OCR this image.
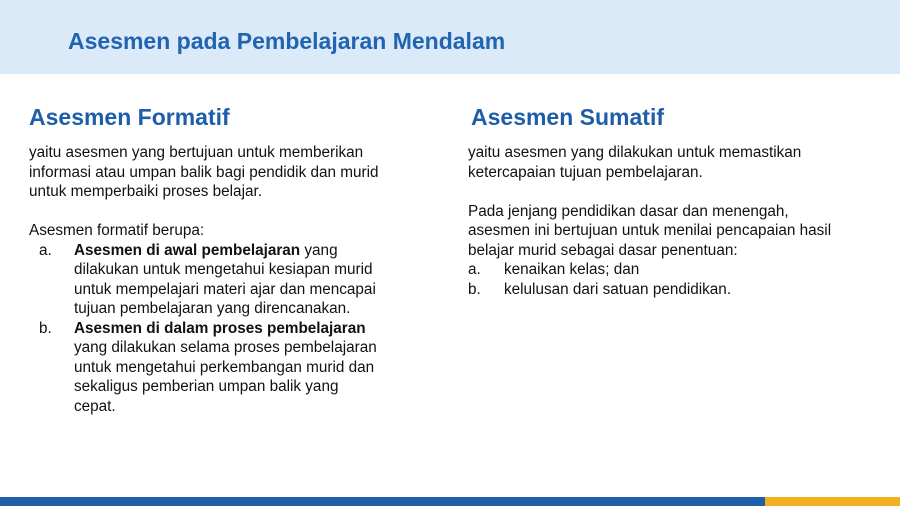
Asesmen pada Pembelajaran Mendalam
Asesmen Formatif

yaitu asesmen yang bertujuan untuk memberikan
informasi atau umpan balik bagi pendidik dan murid
untuk memperbaiki proses belajar.

Asesmen formatif berupa:

a. Asesmen di awal pembelajaran yang
dilakukan untuk mengetahui kesiapan murid
untuk mempelajari materi ajar dan mencapai
tujuan pembelajaran yang direncanakan.
b. Asesmen di dalam proses pembelajaran
yang dilakukan selama proses pembelajaran
untuk mengetahui perkembangan murid dan
sekaligus pemberian umpan balik yang
cepat.
Asesmen Sumatif

yaitu asesmen yang dilakukan untuk memastikan
ketercapaian tujuan pembelajaran.

Pada jenjang pendidikan dasar dan menengah,
asesmen ini bertujuan untuk menilai pencapaian hasil
belajar murid sebagai dasar penentuan:

a. kenaikan kelas; dan
b. kelulusan dari satuan pendidikan.
